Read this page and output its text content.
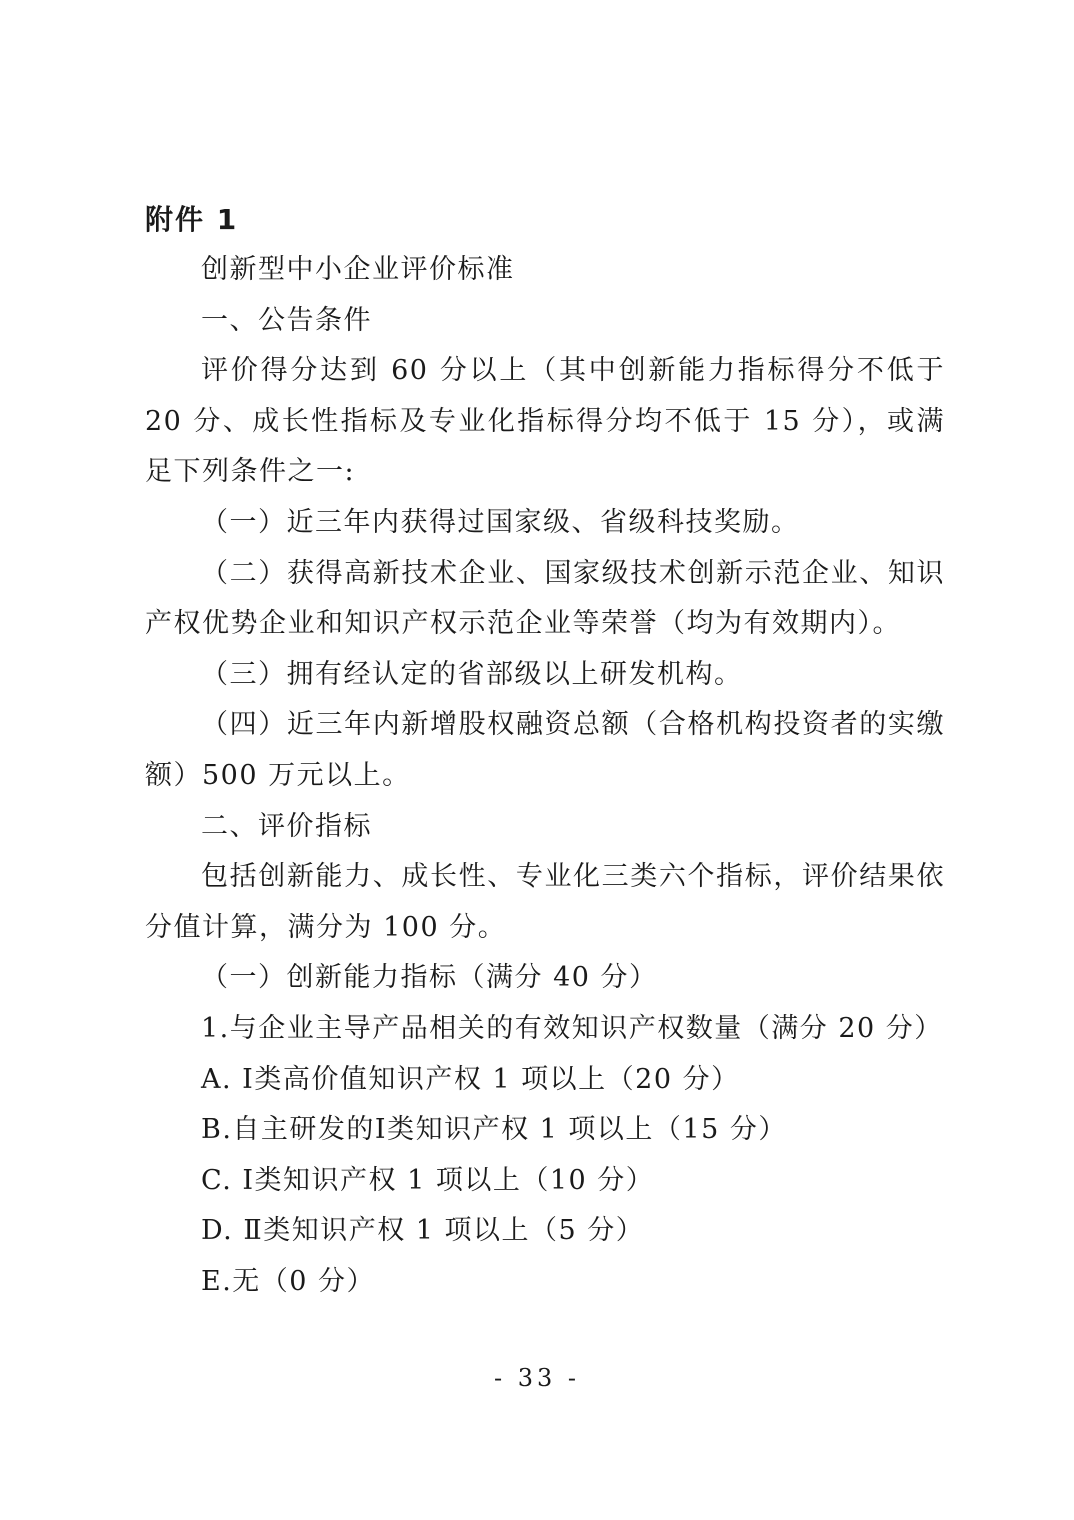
附件 1

创新型中小企业评价标准

一、公告条件

评价得分达到 60 分以上（其中创新能力指标得分不低于 20 分、成长性指标及专业化指标得分均不低于 15 分），或满足下列条件之一:

（一）近三年内获得过国家级、省级科技奖励。

（二）获得高新技术企业、国家级技术创新示范企业、知识产权优势企业和知识产权示范企业等荣誉（均为有效期内）。

（三）拥有经认定的省部级以上研发机构。

（四）近三年内新增股权融资总额（合格机构投资者的实缴额）500 万元以上。

二、评价指标

包括创新能力、成长性、专业化三类六个指标，评价结果依分值计算，满分为 100 分。

（一）创新能力指标（满分 40 分）

1.与企业主导产品相关的有效知识产权数量（满分 20 分）

A. Ⅰ类高价值知识产权 1 项以上（20 分）

B.自主研发的Ⅰ类知识产权 1 项以上（15 分）

C. Ⅰ类知识产权 1 项以上（10 分）

D. Ⅱ类知识产权 1 项以上（5 分）

E.无（0 分）

- 33 -
